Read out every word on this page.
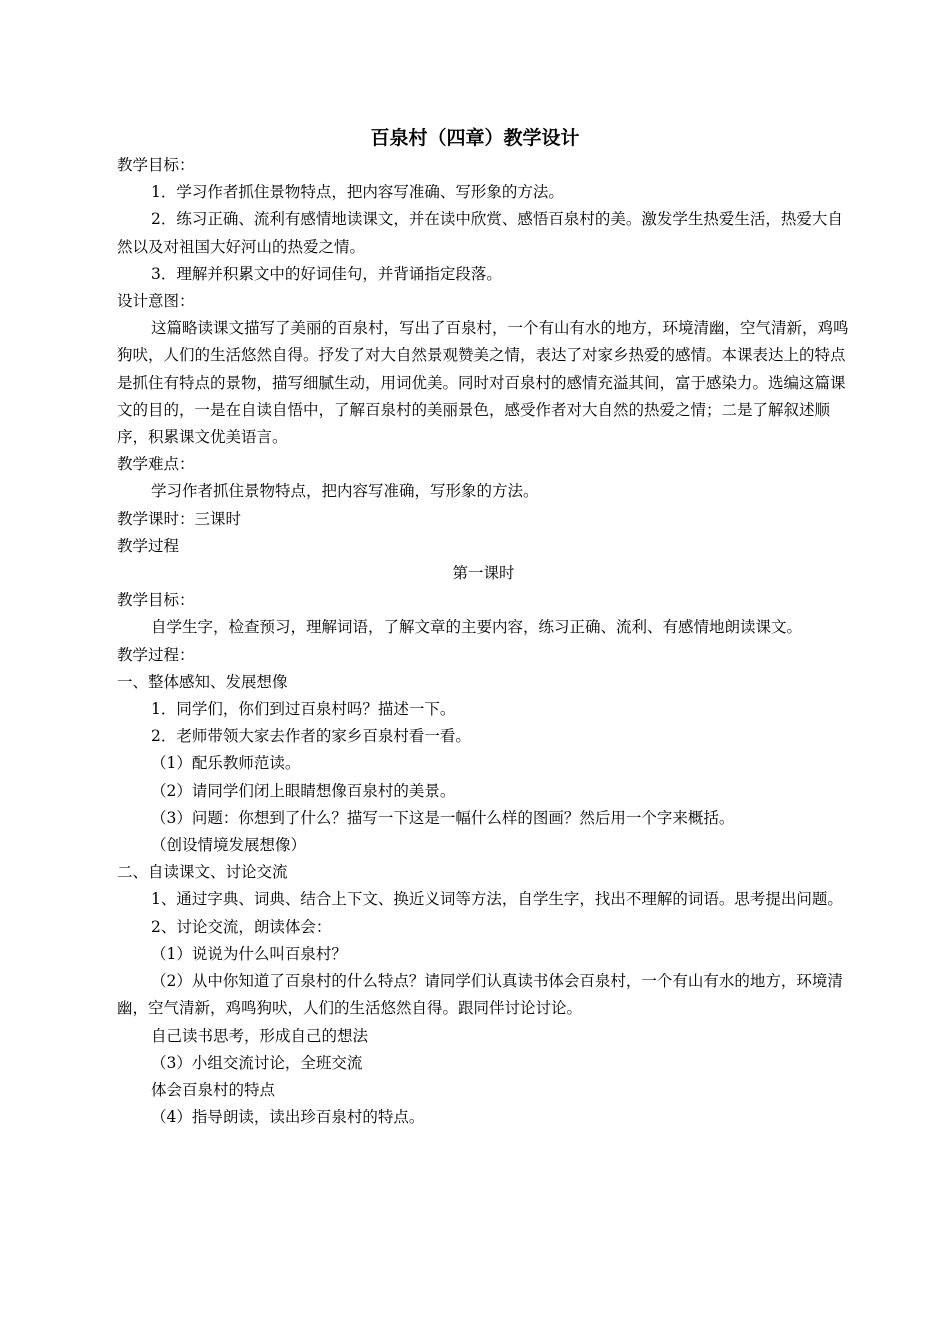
百泉村（四章）教学设计

教学目标：

1．学习作者抓住景物特点，把内容写准确、写形象的方法。

2．练习正确、流利有感情地读课文，并在读中欣赏、感悟百泉村的美。激发学生热爱生活，热爱大自然以及对祖国大好河山的热爱之情。

3．理解并积累文中的好词佳句，并背诵指定段落。

设计意图：

这篇略读课文描写了美丽的百泉村，写出了百泉村，一个有山有水的地方，环境清幽，空气清新，鸡鸣狗吠，人们的生活悠然自得。抒发了对大自然景观赞美之情，表达了对家乡热爱的感情。本课表达上的特点是抓住有特点的景物，描写细腻生动，用词优美。同时对百泉村的感情充溢其间，富于感染力。选编这篇课文的目的，一是在自读自悟中，了解百泉村的美丽景色，感受作者对大自然的热爱之情；二是了解叙述顺序，积累课文优美语言。

教学难点：

学习作者抓住景物特点，把内容写准确，写形象的方法。

教学课时：三课时

教学过程

第一课时

教学目标：

自学生字，检查预习，理解词语，了解文章的主要内容，练习正确、流利、有感情地朗读课文。

教学过程：

一、整体感知、发展想像

1．同学们，你们到过百泉村吗？描述一下。

2．老师带领大家去作者的家乡百泉村看一看。

（1）配乐教师范读。

（2）请同学们闭上眼睛想像百泉村的美景。

（3）问题：你想到了什么？描写一下这是一幅什么样的图画？然后用一个字来概括。

（创设情境发展想像）

二、自读课文、讨论交流

1、通过字典、词典、结合上下文、换近义词等方法，自学生字，找出不理解的词语。思考提出问题。

2、讨论交流，朗读体会：

（1）说说为什么叫百泉村？

（2）从中你知道了百泉村的什么特点？请同学们认真读书体会百泉村，一个有山有水的地方，环境清 幽，空气清新，鸡鸣狗吠，人们的生活悠然自得。跟同伴讨论讨论。

自己读书思考，形成自己的想法

（3）小组交流讨论，全班交流

体会百泉村的特点

（4）指导朗读，读出珍百泉村的特点。
